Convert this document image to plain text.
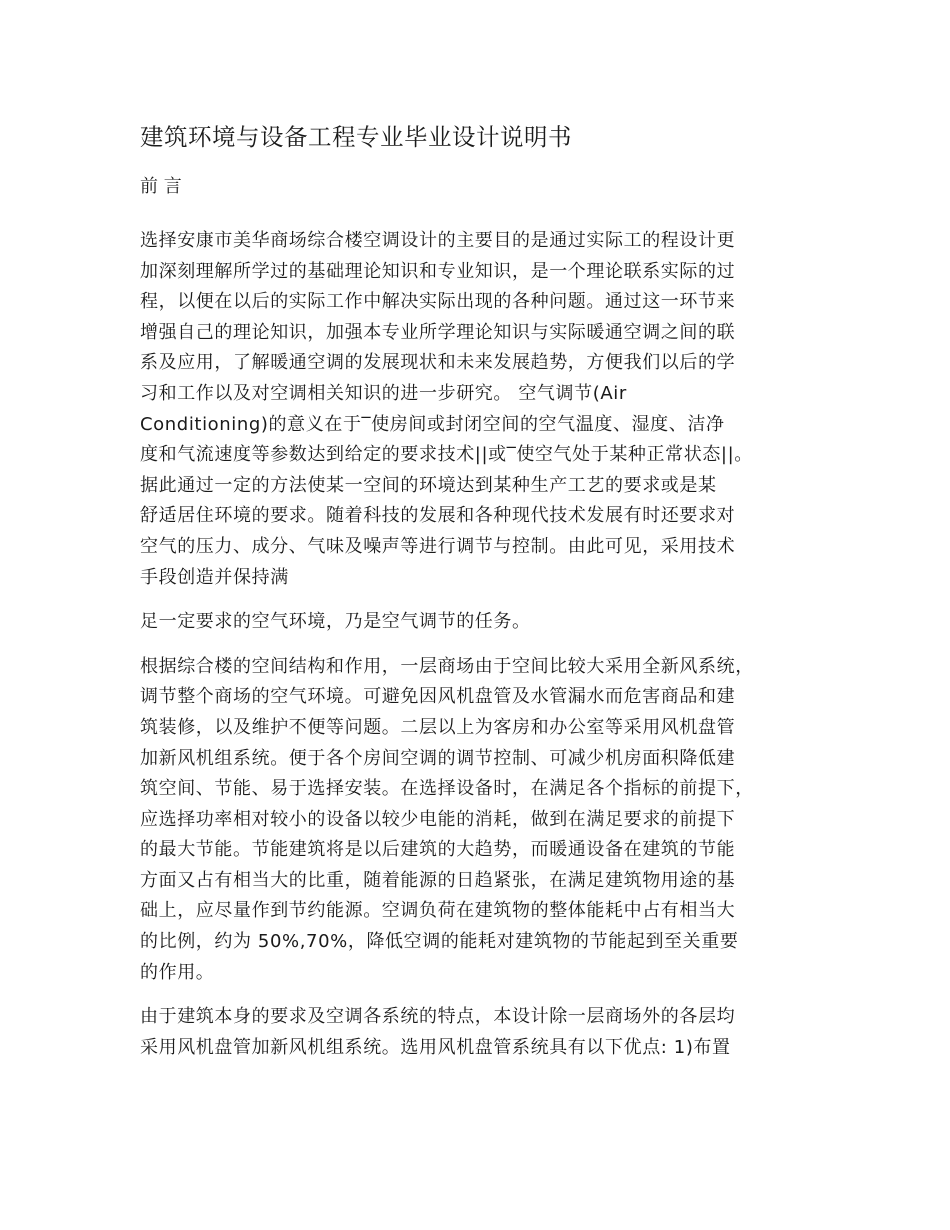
建筑环境与设备工程专业毕业设计说明书
前 言
选择安康市美华商场综合楼空调设计的主要目的是通过实际工的程设计更
加深刻理解所学过的基础理论知识和专业知识，是一个理论联系实际的过
程，以便在以后的实际工作中解决实际出现的各种问题。通过这一环节来
增强自己的理论知识，加强本专业所学理论知识与实际暖通空调之间的联
系及应用，了解暖通空调的发展现状和未来发展趋势，方便我们以后的学
习和工作以及对空调相关知识的进一步研究。 空气调节(Air
Conditioning)的意义在于‾使房间或封闭空间的空气温度、湿度、洁净
度和气流速度等参数达到给定的要求技术||或‾使空气处于某种正常状态||。
据此通过一定的方法使某一空间的环境达到某种生产工艺的要求或是某
舒适居住环境的要求。随着科技的发展和各种现代技术发展有时还要求对
空气的压力、成分、气味及噪声等进行调节与控制。由此可见，采用技术
手段创造并保持满
足一定要求的空气环境，乃是空气调节的任务。
根据综合楼的空间结构和作用，一层商场由于空间比较大采用全新风系统，
调节整个商场的空气环境。可避免因风机盘管及水管漏水而危害商品和建
筑装修，以及维护不便等问题。二层以上为客房和办公室等采用风机盘管
加新风机组系统。便于各个房间空调的调节控制、可减少机房面积降低建
筑空间、节能、易于选择安装。在选择设备时，在满足各个指标的前提下，
应选择功率相对较小的设备以较少电能的消耗，做到在满足要求的前提下
的最大节能。节能建筑将是以后建筑的大趋势，而暖通设备在建筑的节能
方面又占有相当大的比重，随着能源的日趋紧张，在满足建筑物用途的基
础上，应尽量作到节约能源。空调负荷在建筑物的整体能耗中占有相当大
的比例，约为 50%,70%，降低空调的能耗对建筑物的节能起到至关重要
的作用。
由于建筑本身的要求及空调各系统的特点，本设计除一层商场外的各层均
采用风机盘管加新风机组系统。选用风机盘管系统具有以下优点: 1)布置
